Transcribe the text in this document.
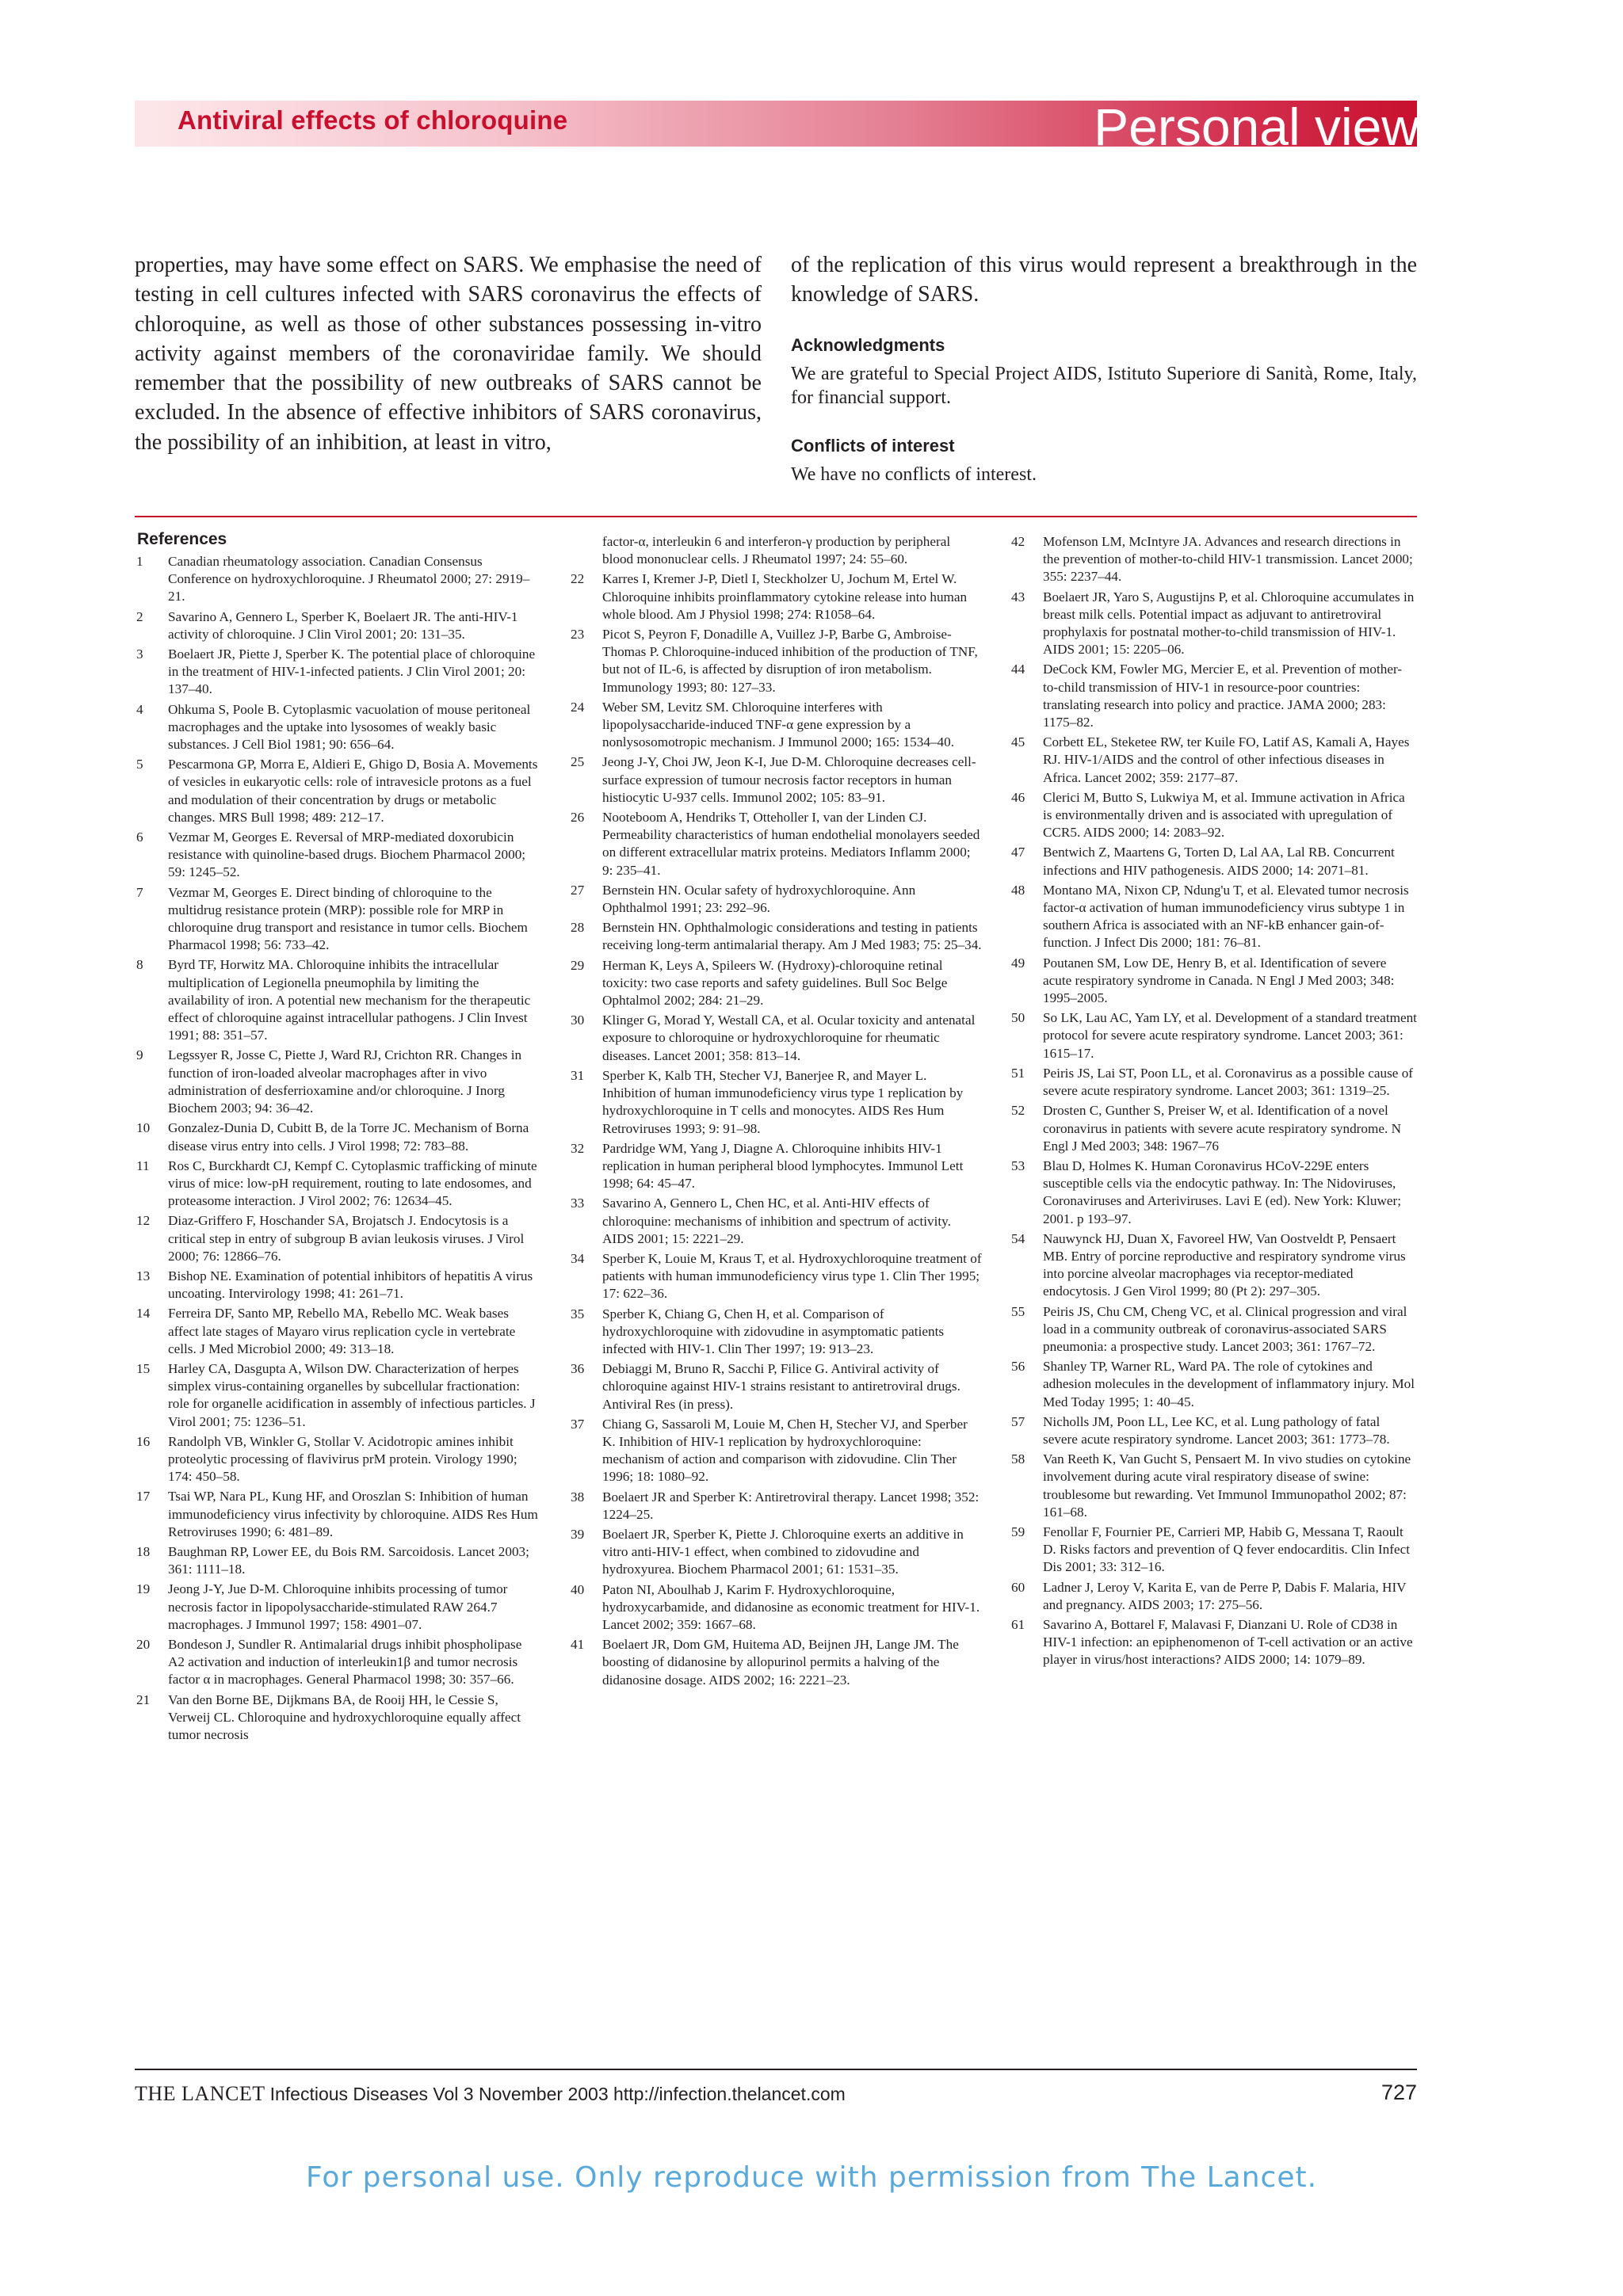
Antiviral effects of chloroquine	Personal view

properties, may have some effect on SARS. We emphasise the need of testing in cell cultures infected with SARS coronavirus the effects of chloroquine, as well as those of other substances possessing in-vitro activity against members of the coronaviridae family. We should remember that the possibility of new outbreaks of SARS cannot be excluded. In the absence of effective inhibitors of SARS coronavirus, the possibility of an inhibition, at least in vitro,

of the replication of this virus would represent a breakthrough in the knowledge of SARS.

Acknowledgments

We are grateful to Special Project AIDS, Istituto Superiore di Sanità, Rome, Italy, for financial support.

Conflicts of interest

We have no conflicts of interest.

References
1	Canadian rheumatology association. Canadian Consensus Conference on hydroxychloroquine. J Rheumatol 2000; 27: 2919–21.
2	Savarino A, Gennero L, Sperber K, Boelaert JR. The anti-HIV-1 activity of chloroquine. J Clin Virol 2001; 20: 131–35.
3	Boelaert JR, Piette J, Sperber K. The potential place of chloroquine in the treatment of HIV-1-infected patients. J Clin Virol 2001; 20: 137–40.
4	Ohkuma S, Poole B. Cytoplasmic vacuolation of mouse peritoneal macrophages and the uptake into lysosomes of weakly basic substances. J Cell Biol 1981; 90: 656–64.
5	Pescarmona GP, Morra E, Aldieri E, Ghigo D, Bosia A. Movements of vesicles in eukaryotic cells: role of intravesicle protons as a fuel and modulation of their concentration by drugs or metabolic changes. MRS Bull 1998; 489: 212–17.
6	Vezmar M, Georges E. Reversal of MRP-mediated doxorubicin resistance with quinoline-based drugs. Biochem Pharmacol 2000; 59: 1245–52.
7	Vezmar M, Georges E. Direct binding of chloroquine to the multidrug resistance protein (MRP): possible role for MRP in chloroquine drug transport and resistance in tumor cells. Biochem Pharmacol 1998; 56: 733–42.
8	Byrd TF, Horwitz MA. Chloroquine inhibits the intracellular multiplication of Legionella pneumophila by limiting the availability of iron. A potential new mechanism for the therapeutic effect of chloroquine against intracellular pathogens. J Clin Invest 1991; 88: 351–57.
9	Legssyer R, Josse C, Piette J, Ward RJ, Crichton RR. Changes in function of iron-loaded alveolar macrophages after in vivo administration of desferrioxamine and/or chloroquine. J Inorg Biochem 2003; 94: 36–42.
10	Gonzalez-Dunia D, Cubitt B, de la Torre JC. Mechanism of Borna disease virus entry into cells. J Virol 1998; 72: 783–88.
11	Ros C, Burckhardt CJ, Kempf C. Cytoplasmic trafficking of minute virus of mice: low-pH requirement, routing to late endosomes, and proteasome interaction. J Virol 2002; 76: 12634–45.
12	Diaz-Griffero F, Hoschander SA, Brojatsch J. Endocytosis is a critical step in entry of subgroup B avian leukosis viruses. J Virol 2000; 76: 12866–76.
13	Bishop NE. Examination of potential inhibitors of hepatitis A virus uncoating. Intervirology 1998; 41: 261–71.
14	Ferreira DF, Santo MP, Rebello MA, Rebello MC. Weak bases affect late stages of Mayaro virus replication cycle in vertebrate cells. J Med Microbiol 2000; 49: 313–18.
15	Harley CA, Dasgupta A, Wilson DW. Characterization of herpes simplex virus-containing organelles by subcellular fractionation: role for organelle acidification in assembly of infectious particles. J Virol 2001; 75: 1236–51.
16	Randolph VB, Winkler G, Stollar V. Acidotropic amines inhibit proteolytic processing of flavivirus prM protein. Virology 1990; 174: 450–58.
17	Tsai WP, Nara PL, Kung HF, and Oroszlan S: Inhibition of human immunodeficiency virus infectivity by chloroquine. AIDS Res Hum Retroviruses 1990; 6: 481–89.
18	Baughman RP, Lower EE, du Bois RM. Sarcoidosis. Lancet 2003; 361: 1111–18.
19	Jeong J-Y, Jue D-M. Chloroquine inhibits processing of tumor necrosis factor in lipopolysaccharide-stimulated RAW 264.7 macrophages. J Immunol 1997; 158: 4901–07.
20	Bondeson J, Sundler R. Antimalarial drugs inhibit phospholipase A2 activation and induction of interleukin1β and tumor necrosis factor α in macrophages. General Pharmacol 1998; 30: 357–66.
21	Van den Borne BE, Dijkmans BA, de Rooij HH, le Cessie S, Verweij CL. Chloroquine and hydroxychloroquine equally affect tumor necrosis
factor-α, interleukin 6 and interferon-γ production by peripheral blood mononuclear cells. J Rheumatol 1997; 24: 55–60.
22	Karres I, Kremer J-P, Dietl I, Steckholzer U, Jochum M, Ertel W. Chloroquine inhibits proinflammatory cytokine release into human whole blood. Am J Physiol 1998; 274: R1058–64.
23	Picot S, Peyron F, Donadille A, Vuillez J-P, Barbe G, Ambroise-Thomas P. Chloroquine-induced inhibition of the production of TNF, but not of IL-6, is affected by disruption of iron metabolism. Immunology 1993; 80: 127–33.
24	Weber SM, Levitz SM. Chloroquine interferes with lipopolysaccharide-induced TNF-α gene expression by a nonlysosomotropic mechanism. J Immunol 2000; 165: 1534–40.
25	Jeong J-Y, Choi JW, Jeon K-I, Jue D-M. Chloroquine decreases cell-surface expression of tumour necrosis factor receptors in human histiocytic U-937 cells. Immunol 2002; 105: 83–91.
26	Nooteboom A, Hendriks T, Otteholler I, van der Linden CJ. Permeability characteristics of human endothelial monolayers seeded on different extracellular matrix proteins. Mediators Inflamm 2000; 9: 235–41.
27	Bernstein HN. Ocular safety of hydroxychloroquine. Ann Ophthalmol 1991; 23: 292–96.
28	Bernstein HN. Ophthalmologic considerations and testing in patients receiving long-term antimalarial therapy. Am J Med 1983; 75: 25–34.
29	Herman K, Leys A, Spileers W. (Hydroxy)-chloroquine retinal toxicity: two case reports and safety guidelines. Bull Soc Belge Ophtalmol 2002; 284: 21–29.
30	Klinger G, Morad Y, Westall CA, et al. Ocular toxicity and antenatal exposure to chloroquine or hydroxychloroquine for rheumatic diseases. Lancet 2001; 358: 813–14.
31	Sperber K, Kalb TH, Stecher VJ, Banerjee R, and Mayer L. Inhibition of human immunodeficiency virus type 1 replication by hydroxychloroquine in T cells and monocytes. AIDS Res Hum Retroviruses 1993; 9: 91–98.
32	Pardridge WM, Yang J, Diagne A. Chloroquine inhibits HIV-1 replication in human peripheral blood lymphocytes. Immunol Lett 1998; 64: 45–47.
33	Savarino A, Gennero L, Chen HC, et al. Anti-HIV effects of chloroquine: mechanisms of inhibition and spectrum of activity. AIDS 2001; 15: 2221–29.
34	Sperber K, Louie M, Kraus T, et al. Hydroxychloroquine treatment of patients with human immunodeficiency virus type 1. Clin Ther 1995; 17: 622–36.
35	Sperber K, Chiang G, Chen H, et al. Comparison of hydroxychloroquine with zidovudine in asymptomatic patients infected with HIV-1. Clin Ther 1997; 19: 913–23.
36	Debiaggi M, Bruno R, Sacchi P, Filice G. Antiviral activity of chloroquine against HIV-1 strains resistant to antiretroviral drugs. Antiviral Res (in press).
37	Chiang G, Sassaroli M, Louie M, Chen H, Stecher VJ, and Sperber K. Inhibition of HIV-1 replication by hydroxychloroquine: mechanism of action and comparison with zidovudine. Clin Ther 1996; 18: 1080–92.
38	Boelaert JR and Sperber K: Antiretroviral therapy. Lancet 1998; 352: 1224–25.
39	Boelaert JR, Sperber K, Piette J. Chloroquine exerts an additive in vitro anti-HIV-1 effect, when combined to zidovudine and hydroxyurea. Biochem Pharmacol 2001; 61: 1531–35.
40	Paton NI, Aboulhab J, Karim F. Hydroxychloroquine, hydroxycarbamide, and didanosine as economic treatment for HIV-1. Lancet 2002; 359: 1667–68.
41	Boelaert JR, Dom GM, Huitema AD, Beijnen JH, Lange JM. The boosting of didanosine by allopurinol permits a halving of the didanosine dosage. AIDS 2002; 16: 2221–23.
42	Mofenson LM, McIntyre JA. Advances and research directions in the prevention of mother-to-child HIV-1 transmission. Lancet 2000; 355: 2237–44.
43	Boelaert JR, Yaro S, Augustijns P, et al. Chloroquine accumulates in breast milk cells. Potential impact as adjuvant to antiretroviral prophylaxis for postnatal mother-to-child transmission of HIV-1. AIDS 2001; 15: 2205–06.
44	DeCock KM, Fowler MG, Mercier E, et al. Prevention of mother-to-child transmission of HIV-1 in resource-poor countries: translating research into policy and practice. JAMA 2000; 283: 1175–82.
45	Corbett EL, Steketee RW, ter Kuile FO, Latif AS, Kamali A, Hayes RJ. HIV-1/AIDS and the control of other infectious diseases in Africa. Lancet 2002; 359: 2177–87.
46	Clerici M, Butto S, Lukwiya M, et al. Immune activation in Africa is environmentally driven and is associated with upregulation of CCR5. AIDS 2000; 14: 2083–92.
47	Bentwich Z, Maartens G, Torten D, Lal AA, Lal RB. Concurrent infections and HIV pathogenesis. AIDS 2000; 14: 2071–81.
48	Montano MA, Nixon CP, Ndung'u T, et al. Elevated tumor necrosis factor-α activation of human immunodeficiency virus subtype 1 in southern Africa is associated with an NF-kB enhancer gain-of-function. J Infect Dis 2000; 181: 76–81.
49	Poutanen SM, Low DE, Henry B, et al. Identification of severe acute respiratory syndrome in Canada. N Engl J Med 2003; 348: 1995–2005.
50	So LK, Lau AC, Yam LY, et al. Development of a standard treatment protocol for severe acute respiratory syndrome. Lancet 2003; 361: 1615–17.
51	Peiris JS, Lai ST, Poon LL, et al. Coronavirus as a possible cause of severe acute respiratory syndrome. Lancet 2003; 361: 1319–25.
52	Drosten C, Gunther S, Preiser W, et al. Identification of a novel coronavirus in patients with severe acute respiratory syndrome. N Engl J Med 2003; 348: 1967–76
53	Blau D, Holmes K. Human Coronavirus HCoV-229E enters susceptible cells via the endocytic pathway. In: The Nidoviruses, Coronaviruses and Arteriviruses. Lavi E (ed). New York: Kluwer; 2001. p 193–97.
54	Nauwynck HJ, Duan X, Favoreel HW, Van Oostveldt P, Pensaert MB. Entry of porcine reproductive and respiratory syndrome virus into porcine alveolar macrophages via receptor-mediated endocytosis. J Gen Virol 1999; 80 (Pt 2): 297–305.
55	Peiris JS, Chu CM, Cheng VC, et al. Clinical progression and viral load in a community outbreak of coronavirus-associated SARS pneumonia: a prospective study. Lancet 2003; 361: 1767–72.
56	Shanley TP, Warner RL, Ward PA. The role of cytokines and adhesion molecules in the development of inflammatory injury. Mol Med Today 1995; 1: 40–45.
57	Nicholls JM, Poon LL, Lee KC, et al. Lung pathology of fatal severe acute respiratory syndrome. Lancet 2003; 361: 1773–78.
58	Van Reeth K, Van Gucht S, Pensaert M. In vivo studies on cytokine involvement during acute viral respiratory disease of swine: troublesome but rewarding. Vet Immunol Immunopathol 2002; 87: 161–68.
59	Fenollar F, Fournier PE, Carrieri MP, Habib G, Messana T, Raoult D. Risks factors and prevention of Q fever endocarditis. Clin Infect Dis 2001; 33: 312–16.
60	Ladner J, Leroy V, Karita E, van de Perre P, Dabis F. Malaria, HIV and pregnancy. AIDS 2003; 17: 275–56.
61	Savarino A, Bottarel F, Malavasi F, Dianzani U. Role of CD38 in HIV-1 infection: an epiphenomenon of T-cell activation or an active player in virus/host interactions? AIDS 2000; 14: 1079–89.
THE LANCET Infectious Diseases Vol 3 November 2003 http://infection.thelancet.com	727
For personal use. Only reproduce with permission from The Lancet.
